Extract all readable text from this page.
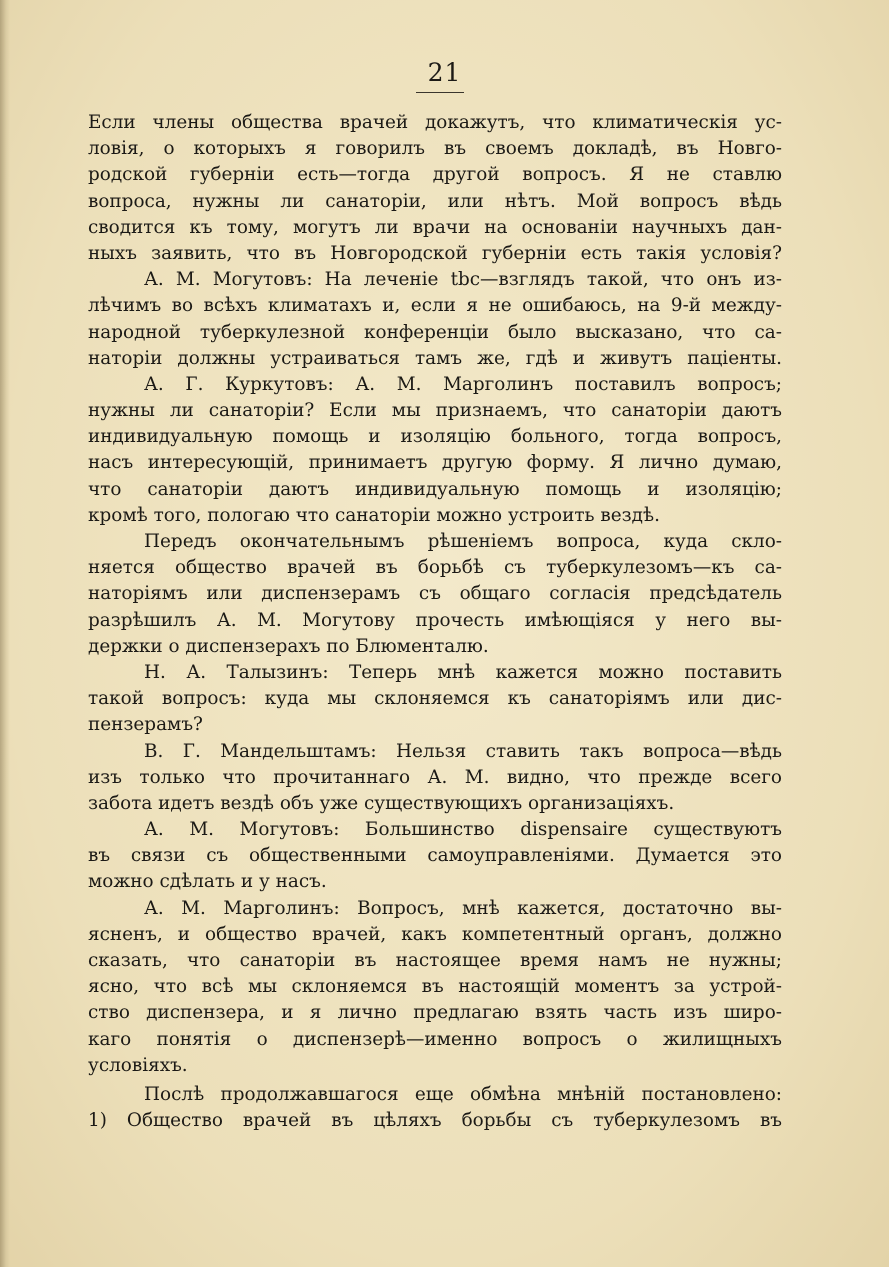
21
Если члены общества врачей докажутъ, что климатическія ус-
ловія, о которыхъ я говорилъ въ своемъ докладѣ, въ Новго-
родской губерніи есть—тогда другой вопросъ. Я не ставлю
вопроса, нужны ли санаторіи, или нѣтъ. Мой вопросъ вѣдь
сводится къ тому, могутъ ли врачи на основаніи научныхъ дан-
ныхъ заявить, что въ Новгородской губерніи есть такія условія?
А. М. Могутовъ: На леченіе tbc—взглядъ такой, что онъ из-
лѣчимъ во всѣхъ климатахъ и, если я не ошибаюсь, на 9-й между-
народной туберкулезной конференціи было высказано, что са-
наторіи должны устраиваться тамъ же, гдѣ и живутъ паціенты.
А. Г. Куркутовъ: А. М. Марголинъ поставилъ вопросъ;
нужны ли санаторіи? Если мы признаемъ, что санаторіи даютъ
индивидуальную помощь и изоляцію больного, тогда вопросъ,
насъ интересующій, принимаетъ другую форму. Я лично думаю,
что санаторіи даютъ индивидуальную помощь и изоляцію;
кромѣ того, пологаю что санаторіи можно устроить вездѣ.
Передъ окончательнымъ рѣшеніемъ вопроса, куда скло-
няется общество врачей въ борьбѣ съ туберкулезомъ—къ са-
наторіямъ или диспензерамъ съ общаго согласія предсѣдатель
разрѣшилъ А. М. Могутову прочесть имѣющіяся у него вы-
держки о диспензерахъ по Блюменталю.
Н. А. Талызинъ: Теперь мнѣ кажется можно поставить
такой вопросъ: куда мы склоняемся къ санаторіямъ или дис-
пензерамъ?
В. Г. Мандельштамъ: Нельзя ставить такъ вопроса—вѣдь
изъ только что прочитаннаго А. М. видно, что прежде всего
забота идетъ вездѣ объ уже существующихъ организаціяхъ.
А. М. Могутовъ: Большинство dispensaire существуютъ
въ связи съ общественными самоуправленіями. Думается это
можно сдѣлать и у насъ.
А. М. Марголинъ: Вопросъ, мнѣ кажется, достаточно вы-
ясненъ, и общество врачей, какъ компетентный органъ, должно
сказать, что санаторіи въ настоящее время намъ не нужны;
ясно, что всѣ мы склоняемся въ настоящій моментъ за устрой-
ство диспензера, и я лично предлагаю взять часть изъ широ-
каго понятія о диспензерѣ—именно вопросъ о жилищныхъ
условіяхъ.
Послѣ продолжавшагося еще обмѣна мнѣній постановлено:
1) Общество врачей въ цѣляхъ борьбы съ туберкулезомъ въ
